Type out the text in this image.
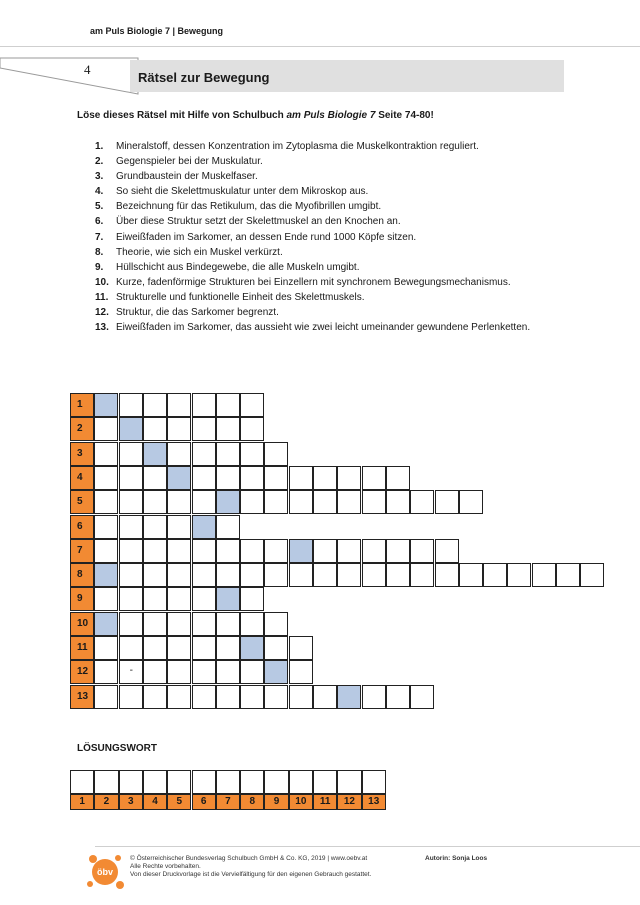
am Puls Biologie 7 | Bewegung
4
Rätsel zur Bewegung
Löse dieses Rätsel mit Hilfe von Schulbuch am Puls Biologie 7 Seite 74-80!
1. Mineralstoff, dessen Konzentration im Zytoplasma die Muskelkontraktion reguliert.
2. Gegenspieler bei der Muskulatur.
3. Grundbaustein der Muskelfaser.
4. So sieht die Skelettmuskulatur unter dem Mikroskop aus.
5. Bezeichnung für das Retikulum, das die Myofibrillen umgibt.
6. Über diese Struktur setzt der Skelettmuskel an den Knochen an.
7. Eiweißfaden im Sarkomer, an dessen Ende rund 1000 Köpfe sitzen.
8. Theorie, wie sich ein Muskel verkürzt.
9. Hüllschicht aus Bindegewebe, die alle Muskeln umgibt.
10. Kurze, fadenförmige Strukturen bei Einzellern mit synchronem Bewegungsmechanismus.
11. Strukturelle und funktionelle Einheit des Skelettmuskels.
12. Struktur, die das Sarkomer begrenzt.
13. Eiweißfaden im Sarkomer, das aussieht wie zwei leicht umeinander gewundene Perlenketten.
1
2
3
4
5
6
7
8
9
10
11
12	-
13
LÖSUNGSWORT
1	2	3	4	5	6	7	8	9	10	11	12	13
öbv
© Österreichischer Bundesverlag Schulbuch GmbH & Co. KG, 2019 | www.oebv.at
Alle Rechte vorbehalten.
Von dieser Druckvorlage ist die Vervielfältigung für den eigenen Gebrauch gestattet.
Autorin: Sonja Loos
